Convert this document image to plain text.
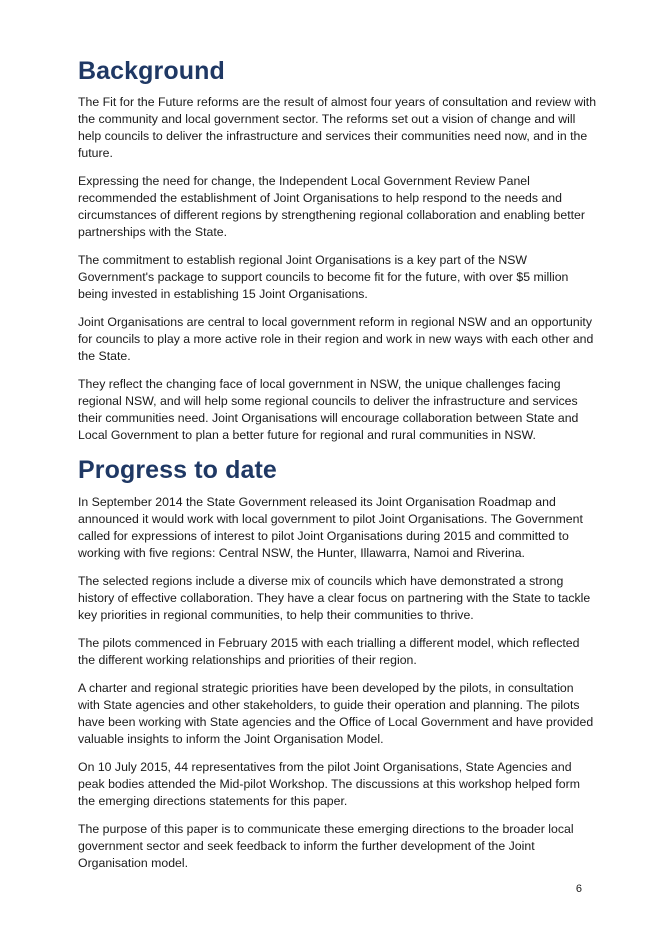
Background

The Fit for the Future reforms are the result of almost four years of consultation and review with the community and local government sector. The reforms set out a vision of change and will help councils to deliver the infrastructure and services their communities need now, and in the future.

Expressing the need for change, the Independent Local Government Review Panel recommended the establishment of Joint Organisations to help respond to the needs and circumstances of different regions by strengthening regional collaboration and enabling better partnerships with the State.

The commitment to establish regional Joint Organisations is a key part of the NSW Government's package to support councils to become fit for the future, with over $5 million being invested in establishing 15 Joint Organisations.

Joint Organisations are central to local government reform in regional NSW and an opportunity for councils to play a more active role in their region and work in new ways with each other and the State.

They reflect the changing face of local government in NSW, the unique challenges facing regional NSW, and will help some regional councils to deliver the infrastructure and services their communities need. Joint Organisations will encourage collaboration between State and Local Government to plan a better future for regional and rural communities in NSW.

Progress to date

In September 2014 the State Government released its Joint Organisation Roadmap and announced it would work with local government to pilot Joint Organisations. The Government called for expressions of interest to pilot Joint Organisations during 2015 and committed to working with five regions: Central NSW, the Hunter, Illawarra, Namoi and Riverina.

The selected regions include a diverse mix of councils which have demonstrated a strong history of effective collaboration. They have a clear focus on partnering with the State to tackle key priorities in regional communities, to help their communities to thrive.

The pilots commenced in February 2015 with each trialling a different model, which reflected the different working relationships and priorities of their region.

A charter and regional strategic priorities have been developed by the pilots, in consultation with State agencies and other stakeholders, to guide their operation and planning. The pilots have been working with State agencies and the Office of Local Government and have provided valuable insights to inform the Joint Organisation Model.

On 10 July 2015, 44 representatives from the pilot Joint Organisations, State Agencies and peak bodies attended the Mid-pilot Workshop. The discussions at this workshop helped form the emerging directions statements for this paper.

The purpose of this paper is to communicate these emerging directions to the broader local government sector and seek feedback to inform the further development of the Joint Organisation model.

6
